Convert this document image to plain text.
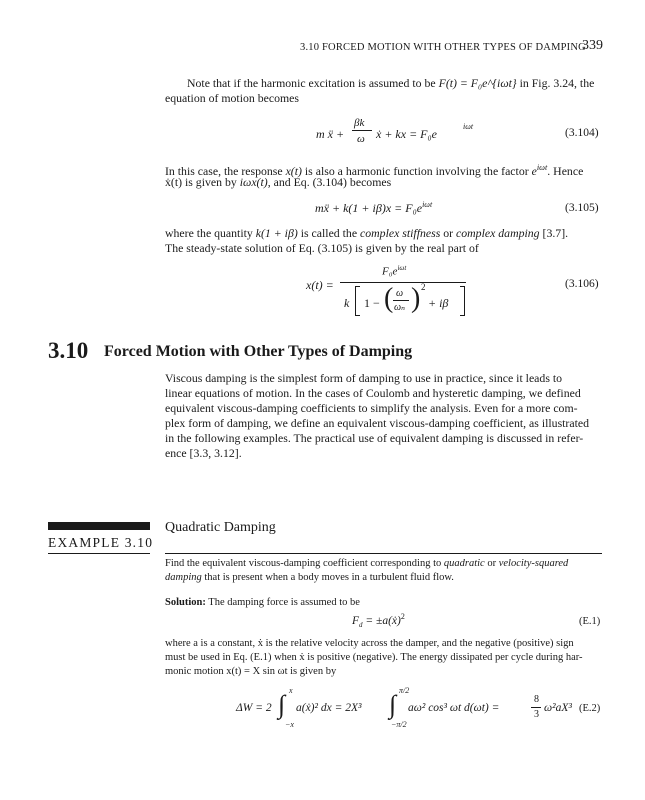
3.10 FORCED MOTION WITH OTHER TYPES OF DAMPING
339
Note that if the harmonic excitation is assumed to be F(t) = F₀e^{iωt} in Fig. 3.24, the
equation of motion becomes
m ẍ +
βk
ω ẋ + kx = F₀e
iωt
(3.104)
In this case, the response x(t) is also a harmonic function involving the factor $e^{i\omega t}$. Hence
ẋ(t) is given by iωx(t), and Eq. (3.104) becomes
mẍ + $k(1 + i\beta)x = F_0e^{i\omega t}$	(3.105)
where the quantity k(1 + iβ) is called the complex stiffness or complex damping [3.7].
The steady-state solution of Eq. (3.105) is given by the real part of
x(t) =
$F_0e^{i\omega t}$
k 1 − ( ω
ωₙ ) 2
+ iβ
(3.106)
3.10 Forced Motion with Other Types of Damping
Viscous damping is the simplest form of damping to use in practice, since it leads to
linear equations of motion. In the cases of Coulomb and hysteretic damping, we defined
equivalent viscous-damping coefficients to simplify the analysis. Even for a more com-
plex form of damping, we define an equivalent viscous-damping coefficient, as illustrated
in the following examples. The practical use of equivalent damping is discussed in refer-
ence [3.3, 3.12].
EXAMPLE 3.10
Quadratic Damping
Find the equivalent viscous-damping coefficient corresponding to quadratic or velocity-squared
damping that is present when a body moves in a turbulent fluid flow.
Solution: The damping force is assumed to be
$F_d$ = ±a(ẋ)$^2$	(E.1)
where a is a constant, ẋ is the relative velocity across the damper, and the negative (positive) sign
must be used in Eq. (E.1) when ẋ is positive (negative). The energy dissipated per cycle during har-
monic motion x(t) = X sin ωt is given by
ΔW = 2 ∫ x
−x
a(ẋ)² dx = 2X³ ∫ π/2
−π/2
aω² cos³ ωt d(ωt) =
8
3
ω²aX³ (E.2)
